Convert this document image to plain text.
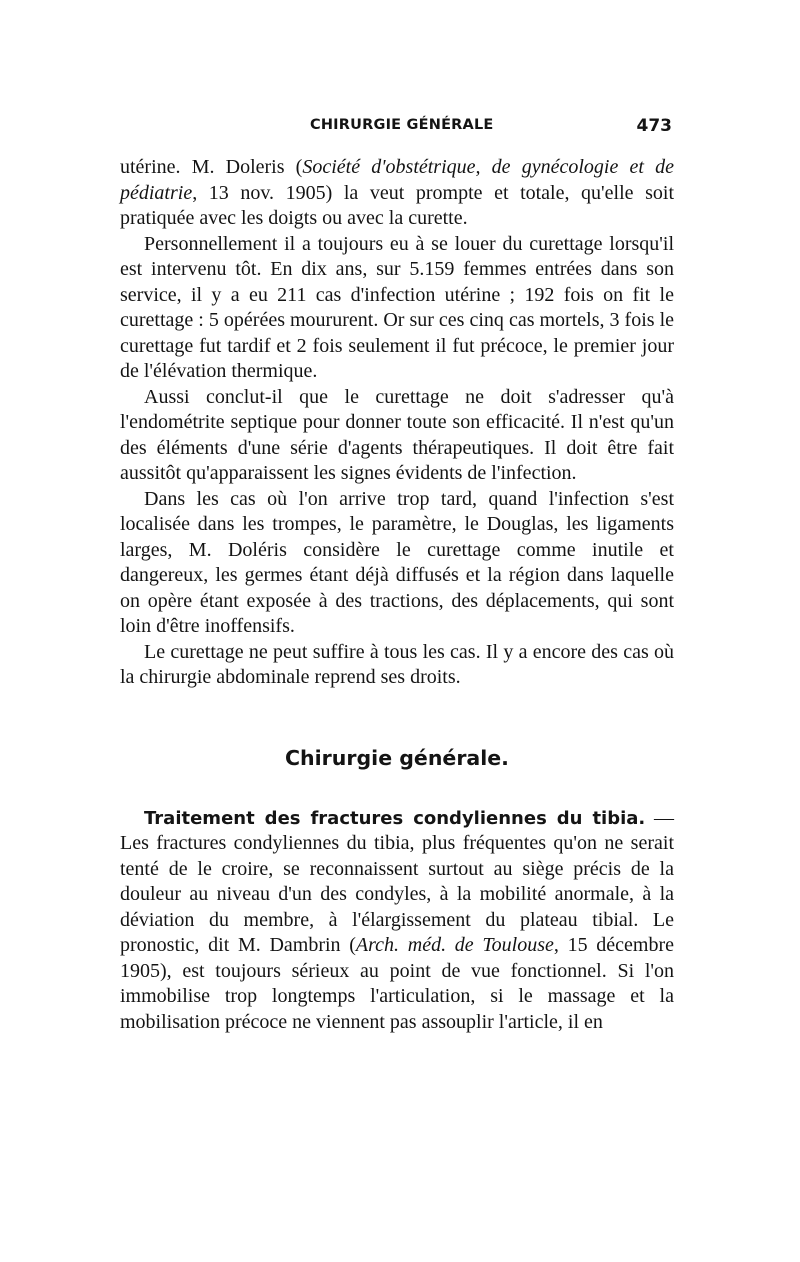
CHIRURGIE GÉNÉRALE	473

utérine. M. Doleris (Société d'obstétrique, de gynécologie et de pédiatrie, 13 nov. 1905) la veut prompte et totale, qu'elle soit pratiquée avec les doigts ou avec la curette.

Personnellement il a toujours eu à se louer du curettage lorsqu'il est intervenu tôt. En dix ans, sur 5.159 femmes entrées dans son service, il y a eu 211 cas d'infection utérine ; 192 fois on fit le curettage : 5 opérées moururent. Or sur ces cinq cas mortels, 3 fois le curettage fut tardif et 2 fois seulement il fut précoce, le premier jour de l'élévation thermique.

Aussi conclut-il que le curettage ne doit s'adresser qu'à l'endométrite septique pour donner toute son efficacité. Il n'est qu'un des éléments d'une série d'agents thérapeutiques. Il doit être fait aussitôt qu'apparaissent les signes évidents de l'infection.

Dans les cas où l'on arrive trop tard, quand l'infection s'est localisée dans les trompes, le paramètre, le Douglas, les ligaments larges, M. Doléris considère le curettage comme inutile et dangereux, les germes étant déjà diffusés et la région dans laquelle on opère étant exposée à des tractions, des déplacements, qui sont loin d'être inoffensifs.

Le curettage ne peut suffire à tous les cas. Il y a encore des cas où la chirurgie abdominale reprend ses droits.

Chirurgie générale.

Traitement des fractures condyliennes du tibia. — Les fractures condyliennes du tibia, plus fréquentes qu'on ne serait tenté de le croire, se reconnaissent surtout au siège précis de la douleur au niveau d'un des condyles, à la mobilité anormale, à la déviation du membre, à l'élargissement du plateau tibial. Le pronostic, dit M. Dambrin (Arch. méd. de Toulouse, 15 décembre 1905), est toujours sérieux au point de vue fonctionnel. Si l'on immobilise trop longtemps l'articulation, si le massage et la mobilisation précoce ne viennent pas assouplir l'article, il en
